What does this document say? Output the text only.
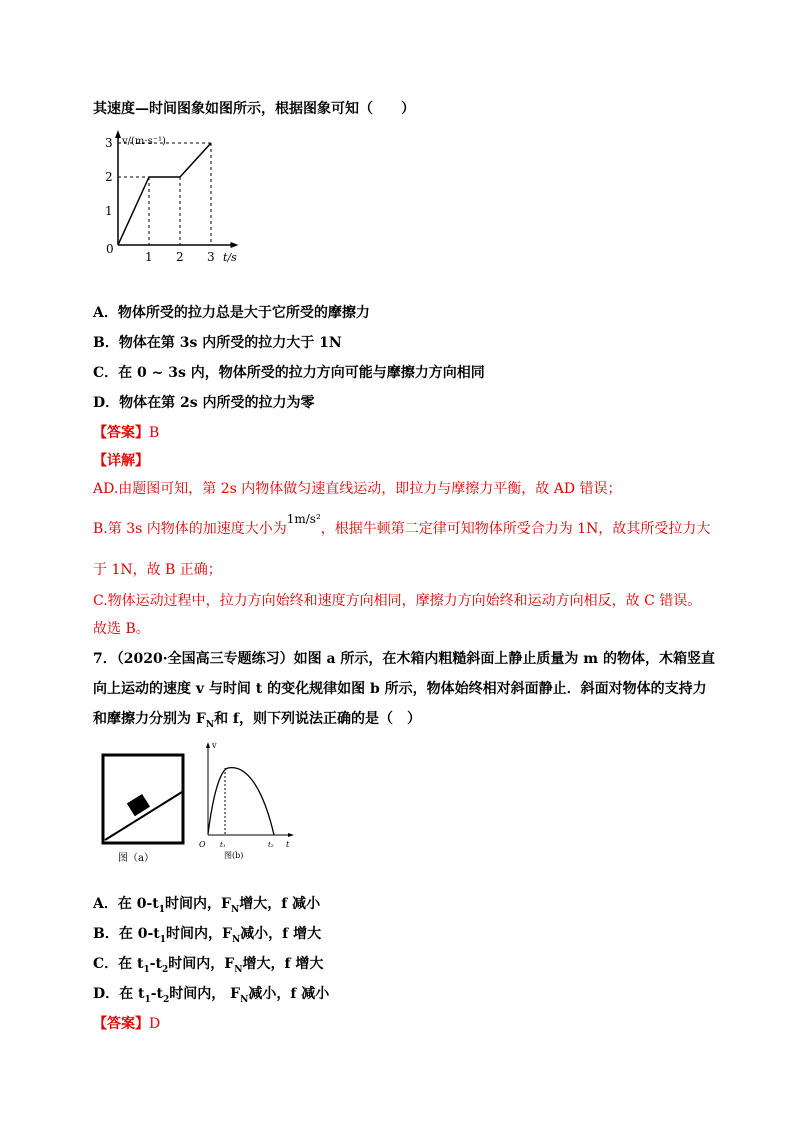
其速度—时间图象如图所示，根据图象可知（　　）
0
1 2 3
1
2
3 v/(m·s⁻¹)
t/s
A．物体所受的拉力总是大于它所受的摩擦力
B．物体在第 3s 内所受的拉力大于 1N
C．在 0 ~ 3s 内，物体所受的拉力方向可能与摩擦力方向相同
D．物体在第 2s 内所受的拉力为零
【答案】B
【详解】
AD.由题图可知，第 2s 内物体做匀速直线运动，即拉力与摩擦力平衡，故 AD 错误；
B.第 3s 内物体的加速度大小为1m/s²，根据牛顿第二定律可知物体所受合力为 1N，故其所受拉力大
于 1N，故 B 正确；
C.物体运动过程中，拉力方向始终和速度方向相同，摩擦力方向始终和运动方向相反，故 C 错误。
故选 B。
7．（2020·全国高三专题练习）如图 a 所示，在木箱内粗糙斜面上静止质量为 m 的物体，木箱竖直
向上运动的速度 v 与时间 t 的变化规律如图 b 所示，物体始终相对斜面静止．斜面对物体的支持力
和摩擦力分别为 $F_N$和 f，则下列说法正确的是（　）
图（a）
v
O t₁	t₂ t
图(b)
A．在 $0-t_1$时间内，$F_N$增大，f 减小
B．在 $0-t_1$时间内，$F_N$减小，f 增大
C．在 $t_1-t_2$时间内，$F_N$增大，f 增大
D．在 $t_1-t_2$时间内， $F_N$减小，f 减小
【答案】D
